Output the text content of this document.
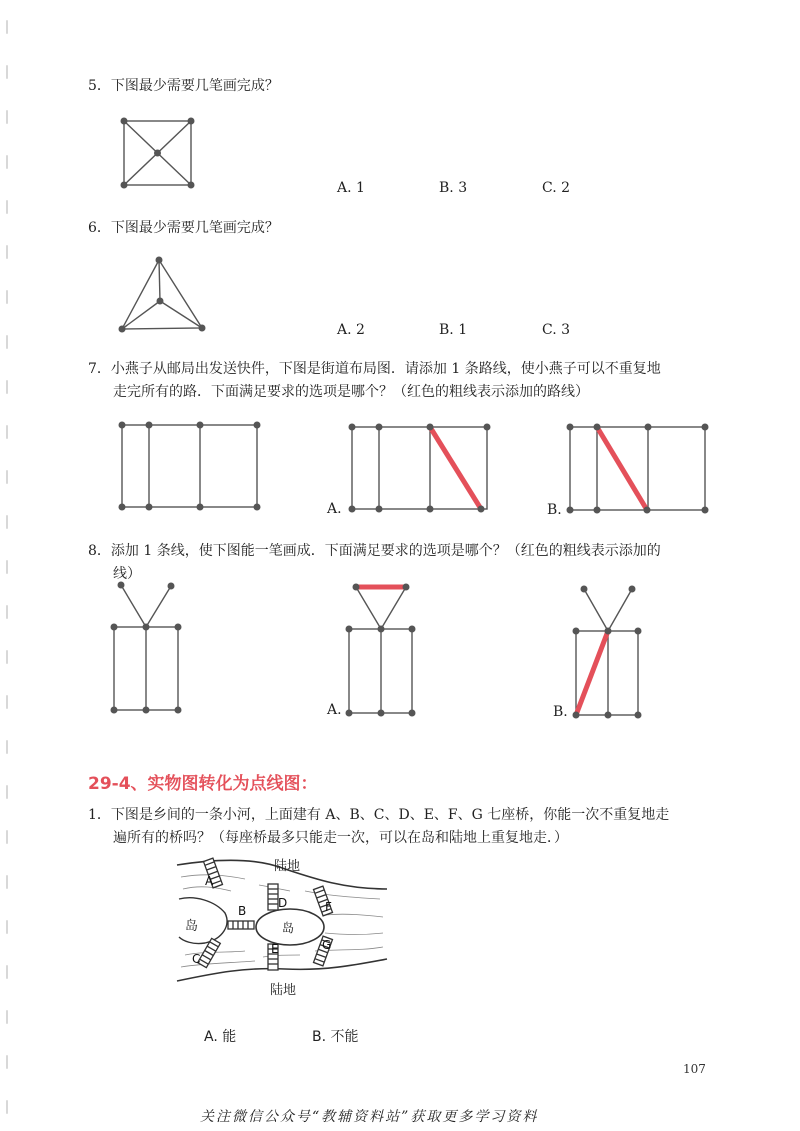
5．下图最少需要几笔画完成？
A. 1	B. 3	C. 2
6．下图最少需要几笔画完成？
A. 2	B. 1	C. 3
7．小燕子从邮局出发送快件，下图是街道布局图．请添加 1 条路线，使小燕子可以不重复地
走完所有的路．下面满足要求的选项是哪个？（红色的粗线表示添加的路线）
A.	B.
8．添加 1 条线，使下图能一笔画成．下面满足要求的选项是哪个？（红色的粗线表示添加的
线）
A.	B.
29-4、实物图转化为点线图：
1．下图是乡间的一条小河，上面建有 A、B、C、D、E、F、G 七座桥，你能一次不重复地走
遍所有的桥吗？（每座桥最多只能走一次，可以在岛和陆地上重复地走．）
A
B
C
D
E
F
G
岛
陆地
岛
陆地
A. 能	B. 不能
107
关注微信公众号“教辅资料站”获取更多学习资料
